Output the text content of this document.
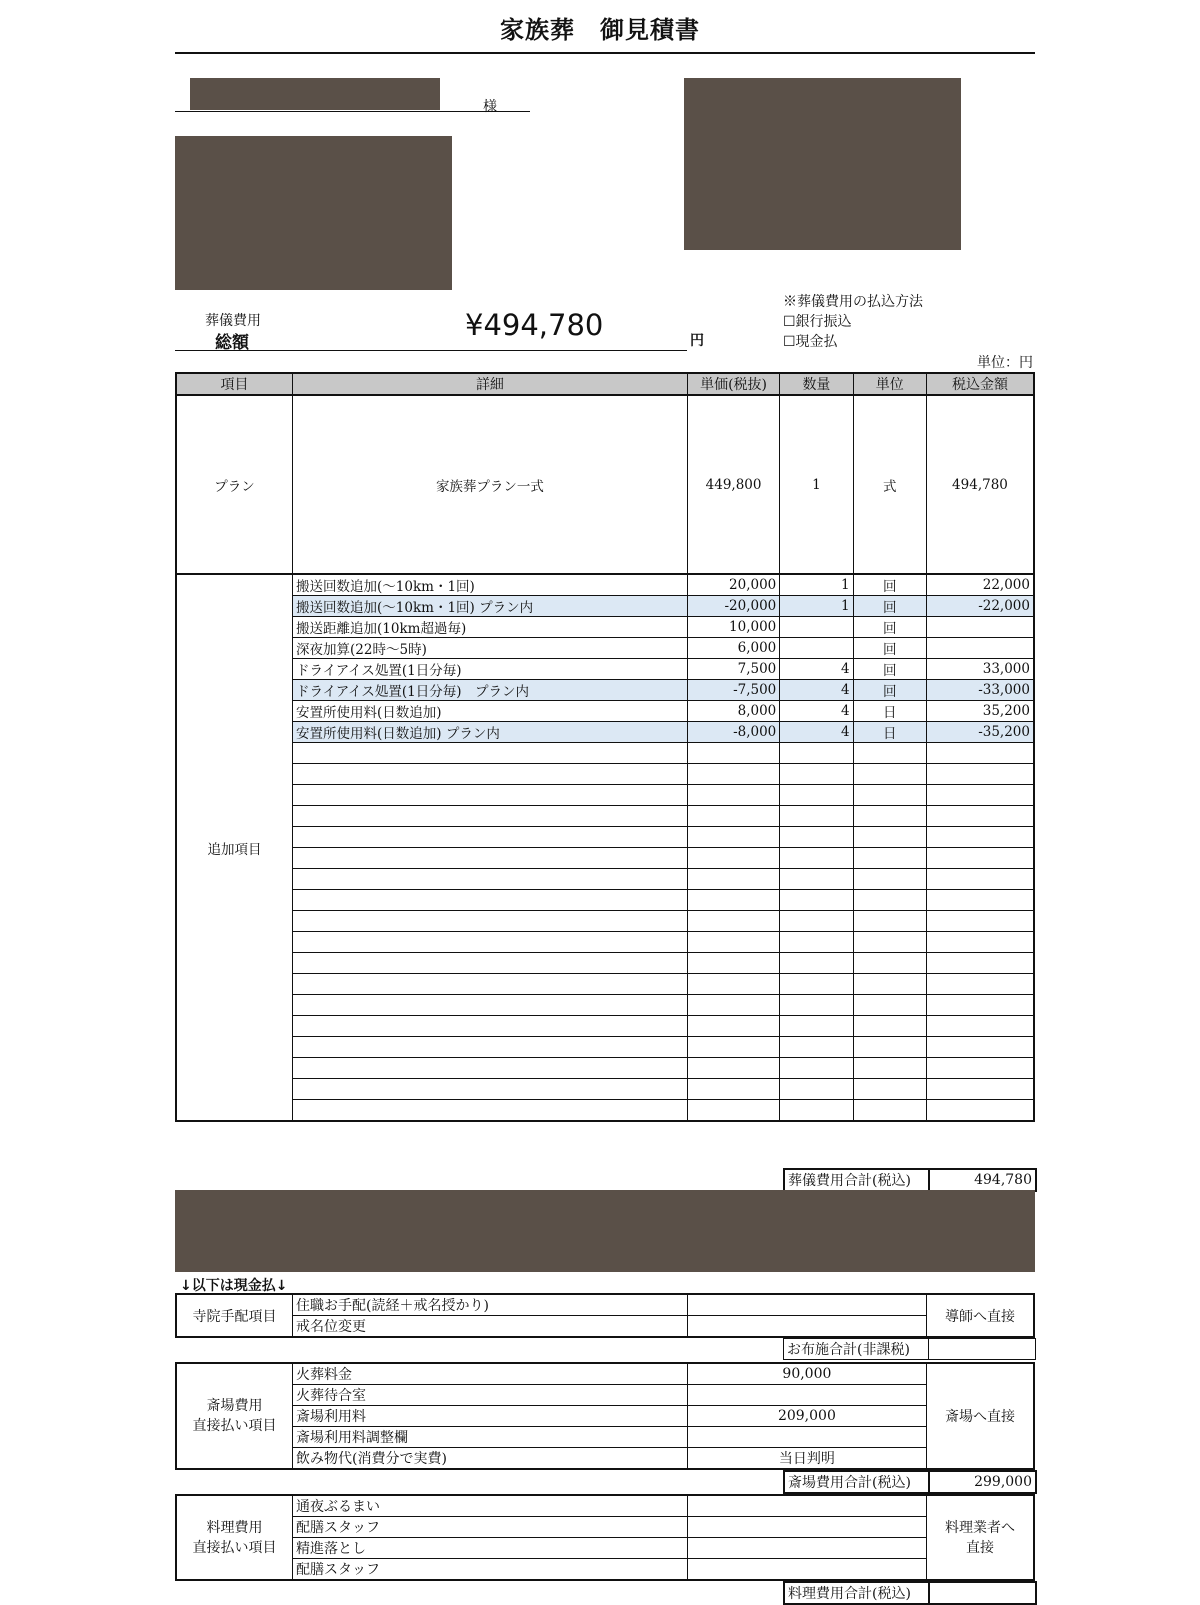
家族葬　御見積書
様
葬儀費用
総額
¥494,780	円
※葬儀費用の払込方法
☐銀行振込
☐現金払
単位：円
項目	詳細	単価(税抜)	数量	単位	税込金額
プラン	家族葬プラン一式	449,800	1	式	494,780
追加項目	搬送回数追加(～10km・1回)	20,000	1	回	22,000
	搬送回数追加(～10km・1回) プラン内	-20,000	1	回	-22,000
	搬送距離追加(10km超過毎)	10,000		回	
	深夜加算(22時～5時)	6,000		回	
	ドライアイス処置(1日分毎)	7,500	4	回	33,000
	ドライアイス処置(1日分毎)　プラン内	-7,500	4	回	-33,000
	安置所使用料(日数追加)	8,000	4	日	35,200
	安置所使用料(日数追加) プラン内	-8,000	4	日	-35,200

葬儀費用合計(税込)	494,780
↓以下は現金払↓
寺院手配項目	住職お手配(読経＋戒名授かり)		導師へ直接
	戒名位変更		
お布施合計(非課税)	
斎場費用
直接払い項目	火葬料金	90,000	斎場へ直接
	火葬待合室		
	斎場利用料	209,000	
	斎場利用料調整欄		
	飲み物代(消費分で実費)	当日判明	
斎場費用合計(税込)	299,000
料理費用
直接払い項目
	通夜ぶるまい		
料理業者へ
直接

	配膳スタッフ		
	精進落とし		
	配膳スタッフ		
料理費用合計(税込)	
